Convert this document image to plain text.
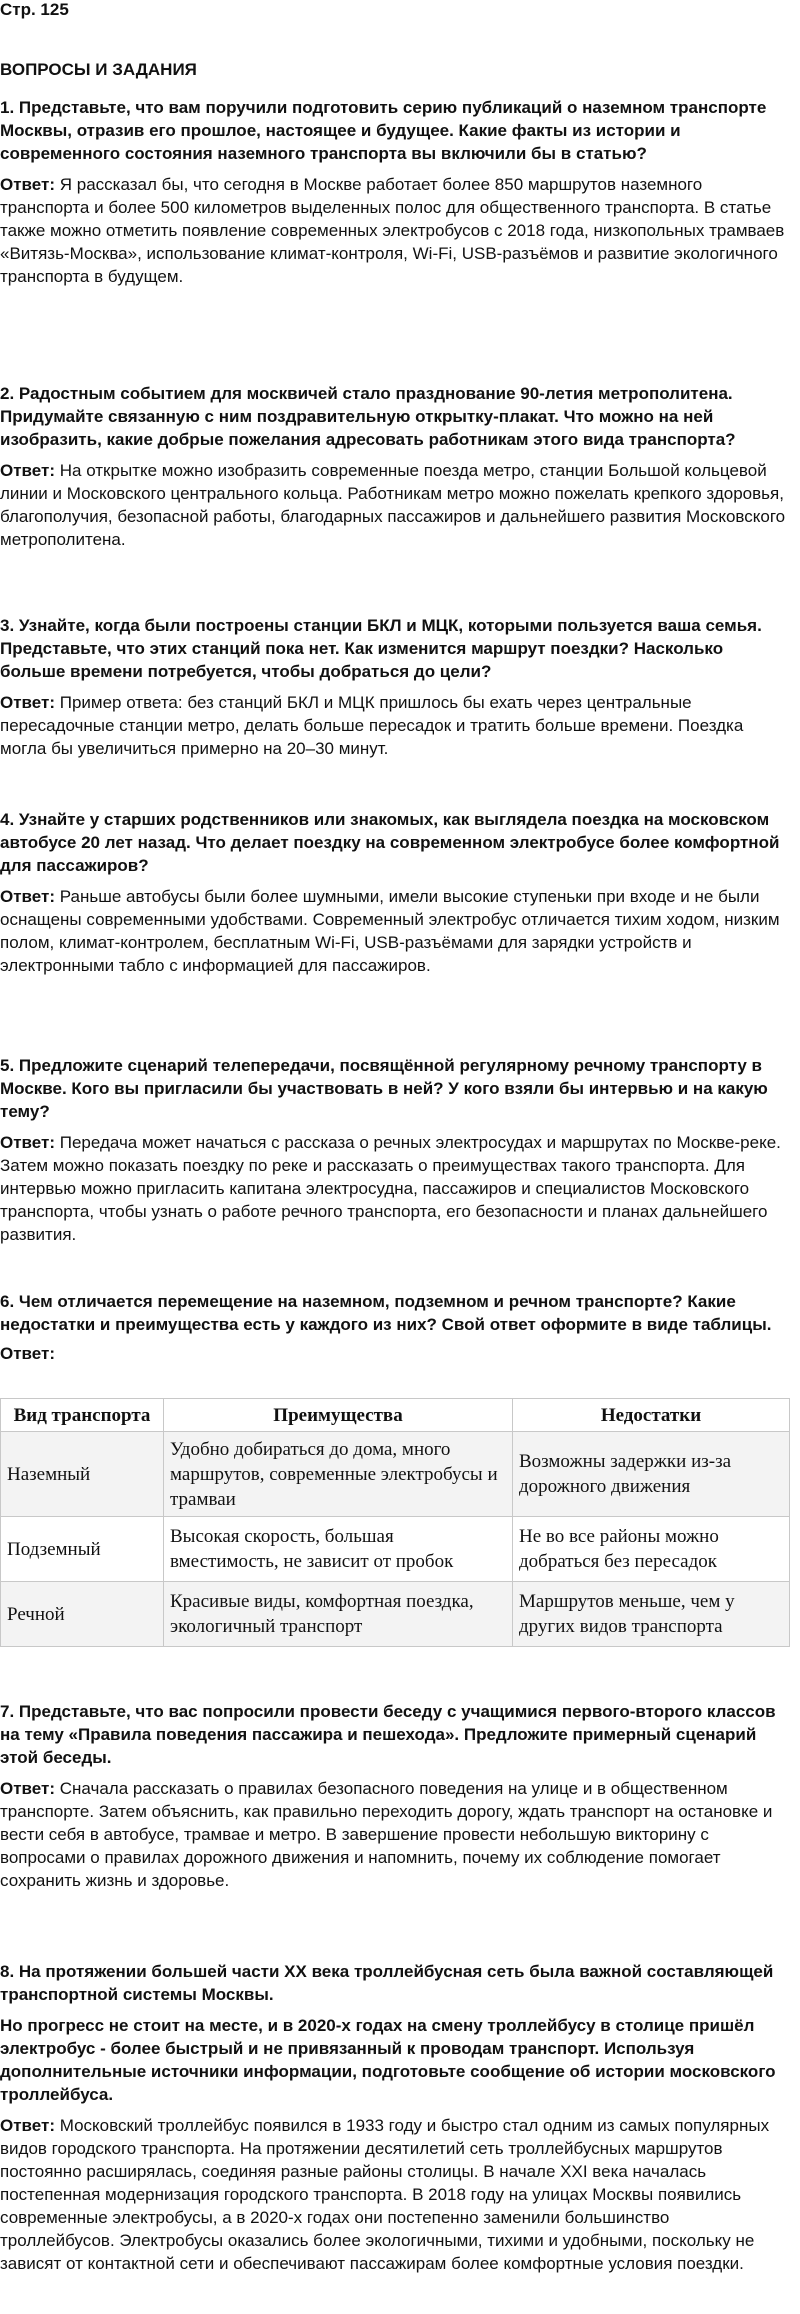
Стр. 125
ВОПРОСЫ И ЗАДАНИЯ

1. Представьте, что вам поручили подготовить серию публикаций о наземном транспорте Москвы, отразив его прошлое, настоящее и будущее. Какие факты из истории и современного состояния наземного транспорта вы включили бы в статью?

Ответ: Я рассказал бы, что сегодня в Москве работает более 850 маршрутов наземного транспорта и более 500 километров выделенных полос для общественного транспорта. В статье также можно отметить появление современных электробусов с 2018 года, низкопольных трамваев «Витязь-Москва», использование климат-контроля, Wi-Fi, USB-разъёмов и развитие экологичного транспорта в будущем.

2. Радостным событием для москвичей стало празднование 90-летия метрополитена. Придумайте связанную с ним поздравительную открытку-плакат. Что можно на ней изобразить, какие добрые пожелания адресовать работникам этого вида транспорта?

Ответ: На открытке можно изобразить современные поезда метро, станции Большой кольцевой линии и Московского центрального кольца. Работникам метро можно пожелать крепкого здоровья, благополучия, безопасной работы, благодарных пассажиров и дальнейшего развития Московского метрополитена.

3. Узнайте, когда были построены станции БКЛ и МЦК, которыми пользуется ваша семья. Представьте, что этих станций пока нет. Как изменится маршрут поездки? Насколько больше времени потребуется, чтобы добраться до цели?

Ответ: Пример ответа: без станций БКЛ и МЦК пришлось бы ехать через центральные пересадочные станции метро, делать больше пересадок и тратить больше времени. Поездка могла бы увеличиться примерно на 20–30 минут.

4. Узнайте у старших родственников или знакомых, как выглядела поездка на московском автобусе 20 лет назад. Что делает поездку на современном электробусе более комфортной для пассажиров?

Ответ: Раньше автобусы были более шумными, имели высокие ступеньки при входе и не были оснащены современными удобствами. Современный электробус отличается тихим ходом, низким полом, климат-контролем, бесплатным Wi-Fi, USB-разъёмами для зарядки устройств и электронными табло с информацией для пассажиров.

5. Предложите сценарий телепередачи, посвящённой регулярному речному транспорту в Москве. Кого вы пригласили бы участвовать в ней? У кого взяли бы интервью и на какую тему?

Ответ: Передача может начаться с рассказа о речных электросудах и маршрутах по Москве-реке. Затем можно показать поездку по реке и рассказать о преимуществах такого транспорта. Для интервью можно пригласить капитана электросудна, пассажиров и специалистов Московского транспорта, чтобы узнать о работе речного транспорта, его безопасности и планах дальнейшего развития.

6. Чем отличается перемещение на наземном, подземном и речном транспорте? Какие недостатки и преимущества есть у каждого из них? Свой ответ оформите в виде таблицы.

Ответ:

Вид транспорта	Преимущества	Недостатки
Наземный	Удобно добираться до дома, много маршрутов, современные электробусы и трамваи	Возможны задержки из-за дорожного движения
Подземный	Высокая скорость, большая вместимость, не зависит от пробок	Не во все районы можно добраться без пересадок
Речной	Красивые виды, комфортная поездка, экологичный транспорт	Маршрутов меньше, чем у других видов транспорта

7. Представьте, что вас попросили провести беседу с учащимися первого-второго классов на тему «Правила поведения пассажира и пешехода». Предложите примерный сценарий этой беседы.

Ответ: Сначала рассказать о правилах безопасного поведения на улице и в общественном транспорте. Затем объяснить, как правильно переходить дорогу, ждать транспорт на остановке и вести себя в автобусе, трамвае и метро. В завершение провести небольшую викторину с вопросами о правилах дорожного движения и напомнить, почему их соблюдение помогает сохранить жизнь и здоровье.

8. На протяжении большей части XX века троллейбусная сеть была важной составляющей транспортной системы Москвы.

Но прогресс не стоит на месте, и в 2020-х годах на смену троллейбусу в столице пришёл электробус - более быстрый и не привязанный к проводам транспорт. Используя дополнительные источники информации, подготовьте сообщение об истории московского троллейбуса.

Ответ: Московский троллейбус появился в 1933 году и быстро стал одним из самых популярных видов городского транспорта. На протяжении десятилетий сеть троллейбусных маршрутов постоянно расширялась, соединяя разные районы столицы. В начале XXI века началась постепенная модернизация городского транспорта. В 2018 году на улицах Москвы появились современные электробусы, а в 2020-х годах они постепенно заменили большинство троллейбусов. Электробусы оказались более экологичными, тихими и удобными, поскольку не зависят от контактной сети и обеспечивают пассажирам более комфортные условия поездки.
